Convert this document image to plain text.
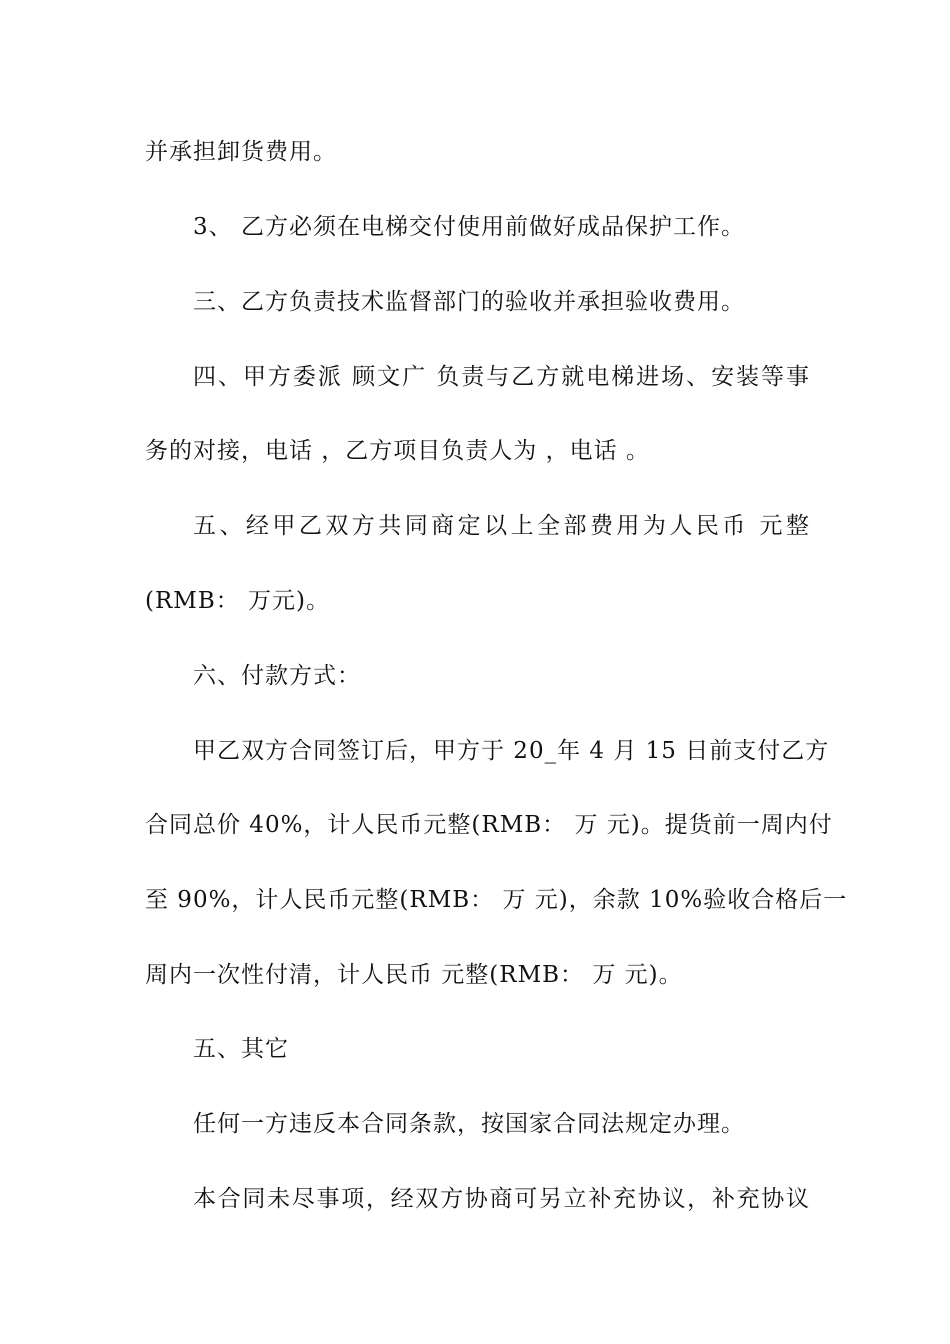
并承担卸货费用。
3、 乙方必须在电梯交付使用前做好成品保护工作。
三、乙方负责技术监督部门的验收并承担验收费用。
四、甲方委派 顾文广 负责与乙方就电梯进场、安装等事
务的对接，电话 ，乙方项目负责人为 ，电话 。
五、经甲乙双方共同商定以上全部费用为人民币 元整
(RMB： 万元)。
六、付款方式：
甲乙双方合同签订后，甲方于 20_年 4 月 15 日前支付乙方
合同总价 40%，计人民币元整(RMB： 万 元)。提货前一周内付
至 90%，计人民币元整(RMB： 万 元)，余款 10%验收合格后一
周内一次性付清，计人民币 元整(RMB： 万 元)。
五、其它
任何一方违反本合同条款，按国家合同法规定办理。
本合同未尽事项，经双方协商可另立补充协议，补充协议
